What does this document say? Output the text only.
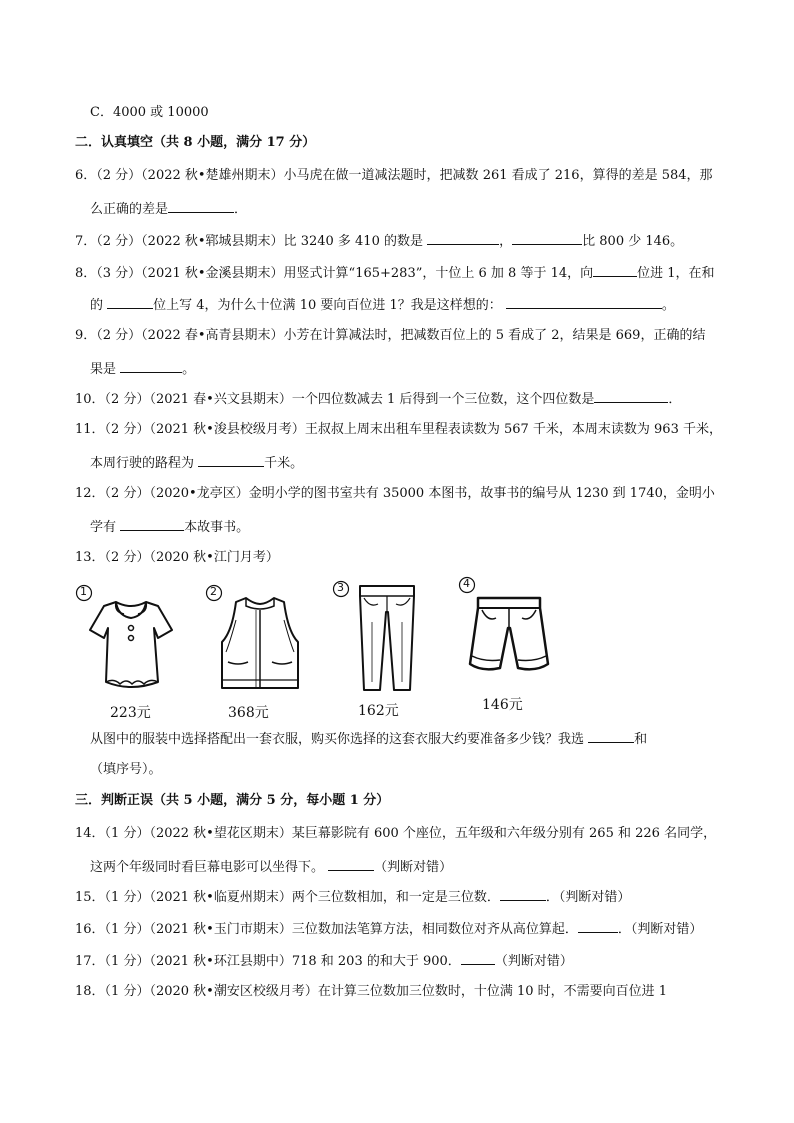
C．4000 或 10000
二．认真填空（共 8 小题，满分 17 分）
6．（2 分）（2022 秋•楚雄州期末）小马虎在做一道减法题时，把减数 261 看成了 216，算得的差是 584，那
么正确的差是	．
7．（2 分）（2022 秋•郓城县期末）比 3240 多 410 的数是	，	比 800 少 146。
8．（3 分）（2021 秋•金溪县期末）用竖式计算“165+283”，十位上 6 加 8 等于 14，向	位进 1，在和
的	位上写 4，为什么十位满 10 要向百位进 1？我是这样想的：	。
9．（2 分）（2022 春•高青县期末）小芳在计算减法时，把减数百位上的 5 看成了 2，结果是 669，正确的结
果是	。
10．（2 分）（2021 春•兴文县期末）一个四位数减去 1 后得到一个三位数，这个四位数是	．
11．（2 分）（2021 秋•浚县校级月考）王叔叔上周末出租车里程表读数为 567 千米，本周末读数为 963 千米，
本周行驶的路程为	千米。
12．（2 分）（2020•龙亭区）金明小学的图书室共有 35000 本图书，故事书的编号从 1230 到 1740，金明小
学有	本故事书。
13．（2 分）（2020 秋•江门月考）
1
223元
2
368元
3
162元
4
146元
从图中的服装中选择搭配出一套衣服，购买你选择的这套衣服大约要准备多少钱？我选	和
（填序号）。
三．判断正误（共 5 小题，满分 5 分，每小题 1 分）
14．（1 分）（2022 秋•望花区期末）某巨幕影院有 600 个座位，五年级和六年级分别有 265 和 226 名同学，
这两个年级同时看巨幕电影可以坐得下。	（判断对错）
15．（1 分）（2021 秋•临夏州期末）两个三位数相加，和一定是三位数．	．（判断对错）
16．（1 分）（2021 秋•玉门市期末）三位数加法笔算方法，相同数位对齐从高位算起．	．（判断对错）
17．（1 分）（2021 秋•环江县期中）718 和 203 的和大于 900．	（判断对错）
18．（1 分）（2020 秋•潮安区校级月考）在计算三位数加三位数时，十位满 10 时，不需要向百位进 1
